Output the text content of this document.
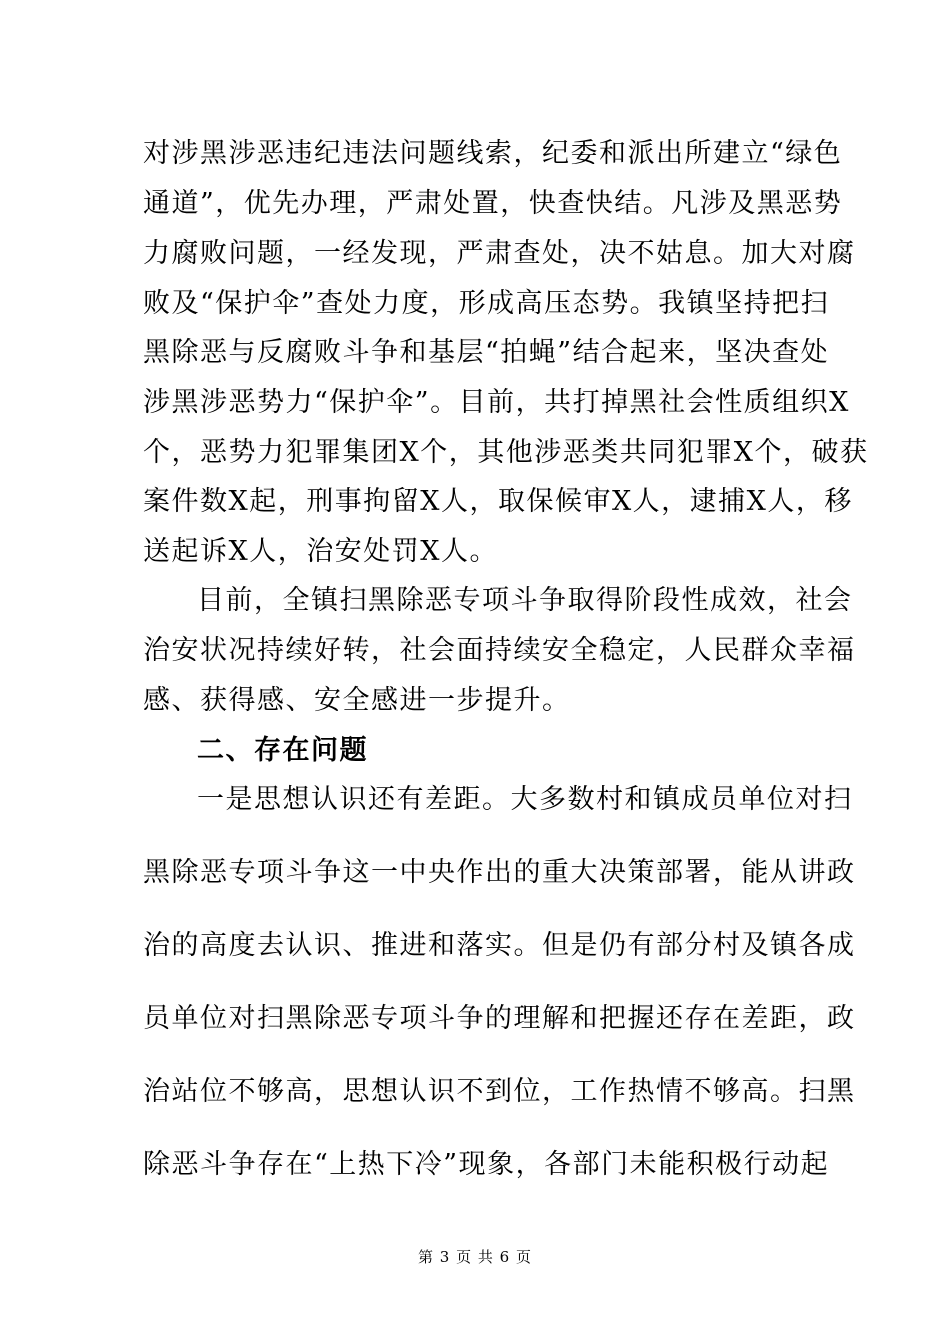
对涉黑涉恶违纪违法问题线索，纪委和派出所建立“绿色
通道”，优先办理，严肃处置，快查快结。凡涉及黑恶势
力腐败问题，一经发现，严肃查处，决不姑息。加大对腐
败及“保护伞”查处力度，形成高压态势。我镇坚持把扫
黑除恶与反腐败斗争和基层“拍蝇”结合起来，坚决查处
涉黑涉恶势力“保护伞”。目前，共打掉黑社会性质组织X
个，恶势力犯罪集团X个，其他涉恶类共同犯罪X个，破获
案件数X起，刑事拘留X人，取保候审X人，逮捕X人，移
送起诉X人，治安处罚X人。
目前，全镇扫黑除恶专项斗争取得阶段性成效，社会
治安状况持续好转，社会面持续安全稳定，人民群众幸福
感、获得感、安全感进一步提升。
二、存在问题
一是思想认识还有差距。大多数村和镇成员单位对扫
黑除恶专项斗争这一中央作出的重大决策部署，能从讲政
治的高度去认识、推进和落实。但是仍有部分村及镇各成
员单位对扫黑除恶专项斗争的理解和把握还存在差距，政
治站位不够高，思想认识不到位，工作热情不够高。扫黑
除恶斗争存在“上热下冷”现象，各部门未能积极行动起
第 3 页 共 6 页
